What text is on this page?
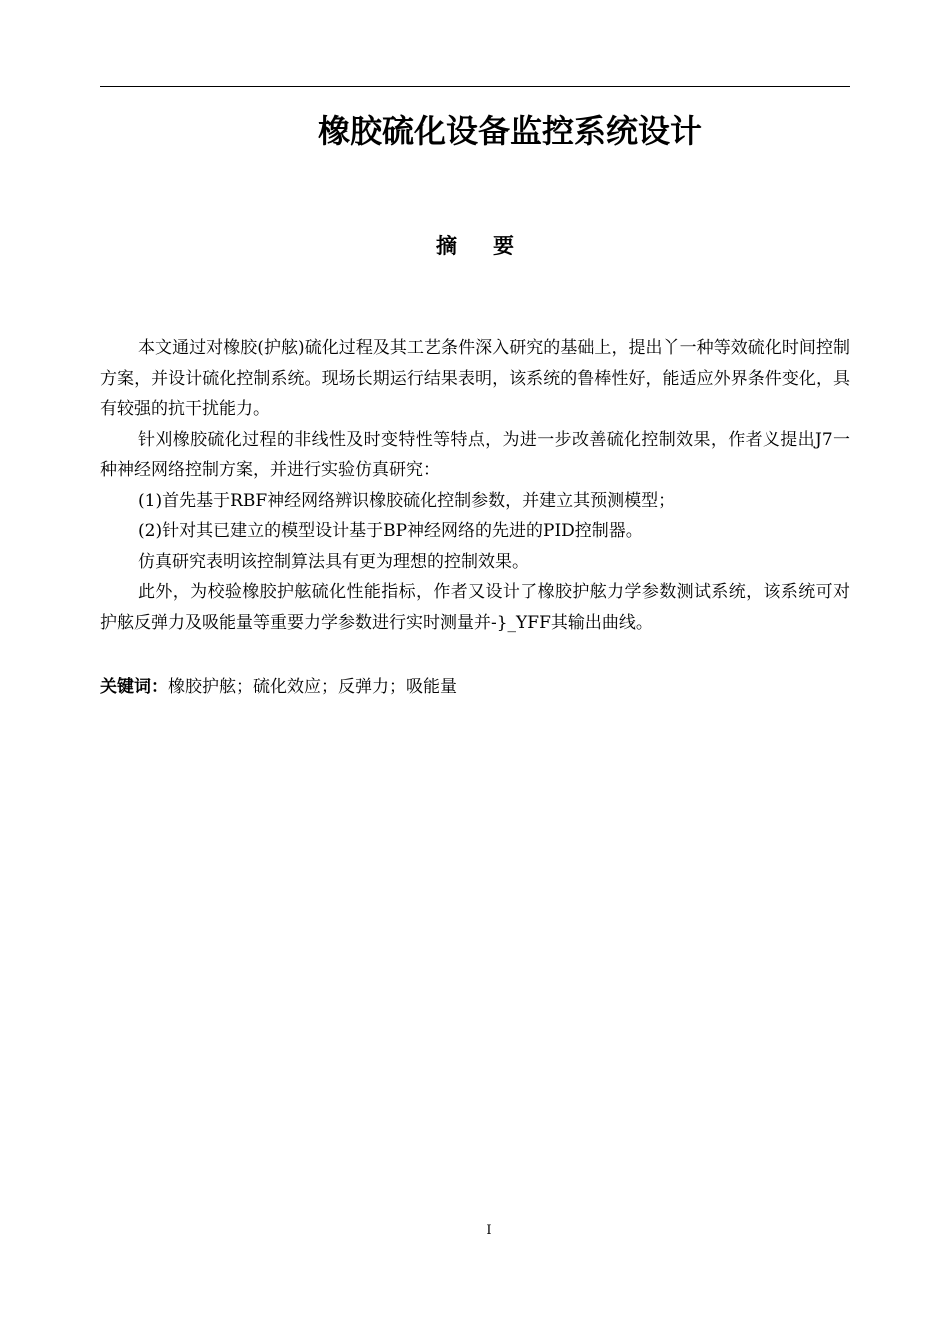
橡胶硫化设备监控系统设计
摘 要

本文通过对橡胶(护舷)硫化过程及其工艺条件深入研究的基础上，提出丫一种等效硫化时间控制方案，并设计硫化控制系统。现场长期运行结果表明，该系统的鲁棒性好，能适应外界条件变化，具有较强的抗干扰能力。

针刈橡胶硫化过程的非线性及时变特性等特点，为进一步改善硫化控制效果，作者义提出J7一种神经网络控制方案，并进行实验仿真研究：

(1)首先基于RBF神经网络辨识橡胶硫化控制参数，并建立其预测模型；

(2)针对其已建立的模型设计基于BP神经网络的先进的PID控制器。

仿真研究表明该控制算法具有更为理想的控制效果。

此外，为校验橡胶护舷硫化性能指标，作者又设计了橡胶护舷力学参数测试系统，该系统可对护舷反弹力及吸能量等重要力学参数进行实时测量并-}_YFF其输出曲线。

关键词：橡胶护舷；硫化效应；反弹力；吸能量
I
